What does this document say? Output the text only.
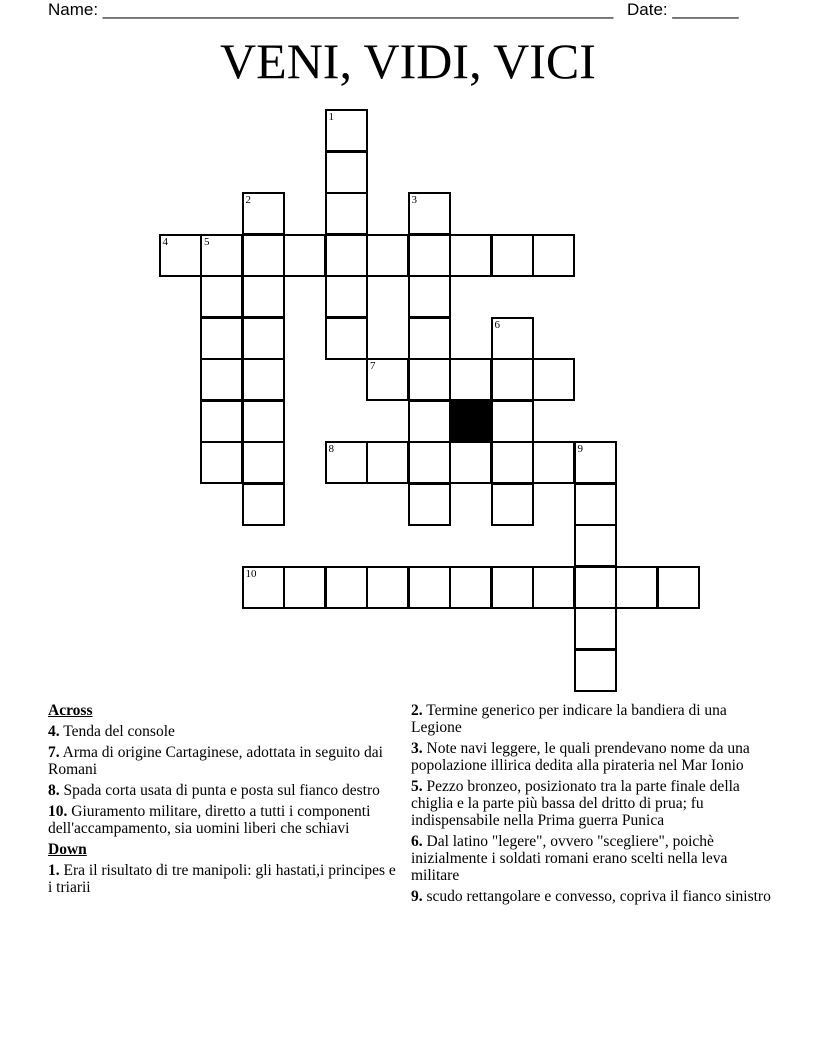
Name: ______________________________________________________ Date: _______
VENI, VIDI, VICI
1
2	3
4	5
6
7
8	9
10
Across
4. Tenda del console
7. Arma di origine Cartaginese, adottata in seguito dai Romani
8. Spada corta usata di punta e posta sul fianco destro
10. Giuramento militare, diretto a tutti i componenti dell'accampamento, sia uomini liberi che schiavi
Down
1. Era il risultato di tre manipoli: gli hastati,i principes e i triarii
2. Termine generico per indicare la bandiera di una Legione
3. Note navi leggere, le quali prendevano nome da una popolazione illirica dedita alla pirateria nel Mar Ionio
5. Pezzo bronzeo, posizionato tra la parte finale della chiglia e la parte più bassa del dritto di prua; fu indispensabile nella Prima guerra Punica
6. Dal latino "legere", ovvero "scegliere", poichè inizialmente i soldati romani erano scelti nella leva militare
9. scudo rettangolare e convesso, copriva il fianco sinistro
